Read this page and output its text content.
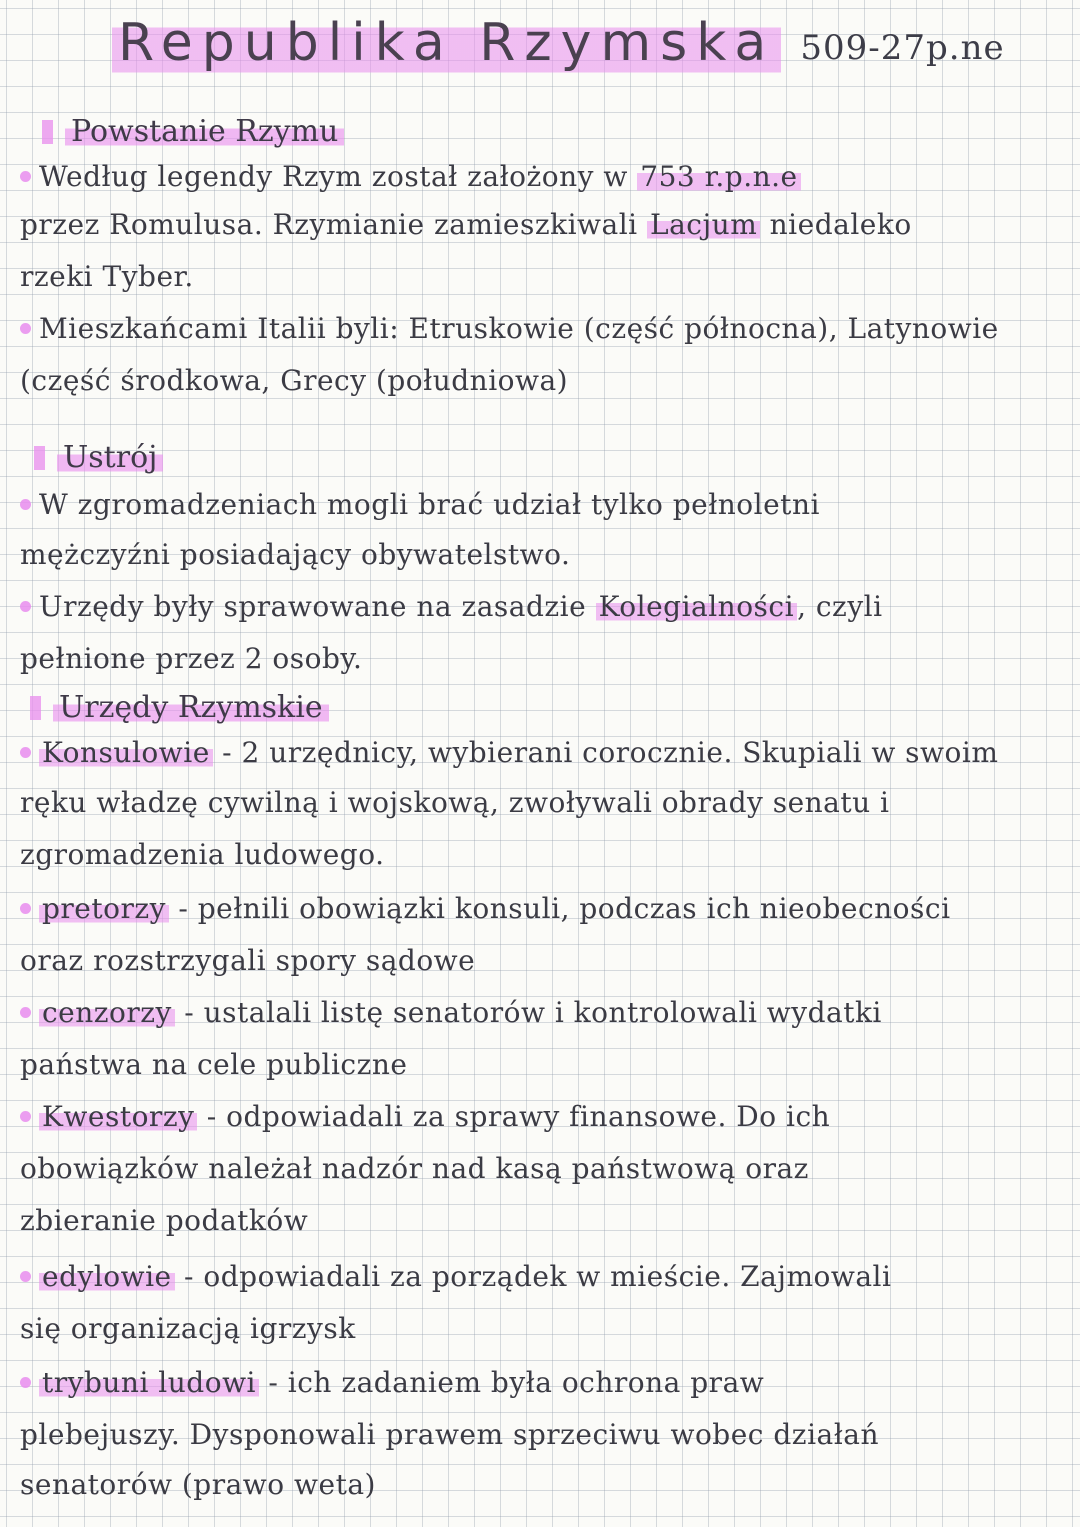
Republika Rzymska 509-27p.ne
Powstanie Rzymu
Według legendy Rzym został założony w 753 r.p.n.e
przez Romulusa. Rzymianie zamieszkiwali Lacjum niedaleko
rzeki Tyber.
Mieszkańcami Italii byli: Etruskowie (część północna), Latynowie
(część środkowa, Grecy (południowa)
Ustrój
W zgromadzeniach mogli brać udział tylko pełnoletni
mężczyźni posiadający obywatelstwo.
Urzędy były sprawowane na zasadzie Kolegialności , czyli
pełnione przez 2 osoby.
Urzędy Rzymskie
Konsulowie - 2 urzędnicy, wybierani corocznie. Skupiali w swoim
ręku władzę cywilną i wojskową, zwoływali obrady senatu i
zgromadzenia ludowego.
pretorzy - pełnili obowiązki konsuli, podczas ich nieobecności
oraz rozstrzygali spory sądowe
cenzorzy - ustalali listę senatorów i kontrolowali wydatki
państwa na cele publiczne
Kwestorzy - odpowiadali za sprawy finansowe. Do ich
obowiązków należał nadzór nad kasą państwową oraz
zbieranie podatków
edylowie - odpowiadali za porządek w mieście. Zajmowali
się organizacją igrzysk
trybuni ludowi - ich zadaniem była ochrona praw
plebejuszy. Dysponowali prawem sprzeciwu wobec działań
senatorów (prawo weta)
